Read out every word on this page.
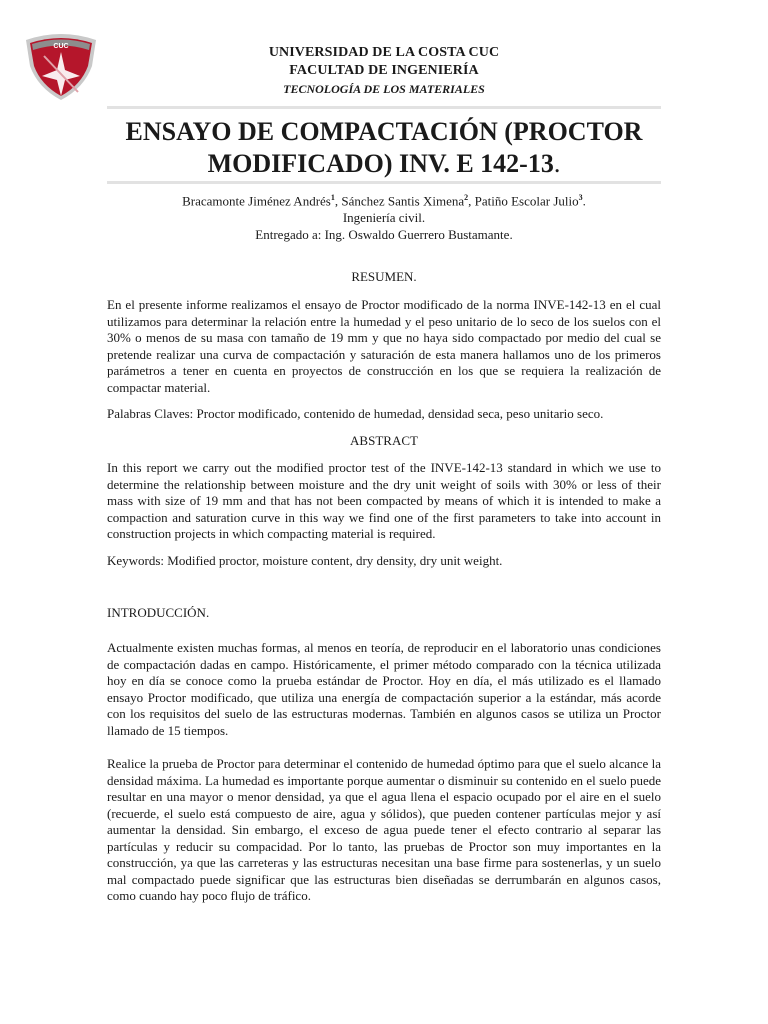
CUC	UNIVERSIDAD DE LA COSTA CUC
FACULTAD DE INGENIERÍA
TECNOLOGÍA DE LOS MATERIALES
ENSAYO DE COMPACTACIÓN (PROCTOR
MODIFICADO) INV. E 142-13.
Bracamonte Jiménez Andrés$^1$, Sánchez Santis Ximena$^2$, Patiño Escolar Julio$^3$.
Ingeniería civil.
Entregado a: Ing. Oswaldo Guerrero Bustamante.
RESUMEN.

En el presente informe realizamos el ensayo de Proctor modificado de la norma INVE-142-13 en el cual utilizamos para determinar la relación entre la humedad y el peso unitario de lo seco de los suelos con el 30% o menos de su masa con tamaño de 19 mm y que no haya sido compactado por medio del cual se pretende realizar una curva de compactación y saturación de esta manera hallamos uno de los primeros parámetros a tener en cuenta en proyectos de construcción en los que se requiera la realización de compactar material.

Palabras Claves: Proctor modificado, contenido de humedad, densidad seca, peso unitario seco.
ABSTRACT

In this report we carry out the modified proctor test of the INVE-142-13 standard in which we use to determine the relationship between moisture and the dry unit weight of soils with 30% or less of their mass with size of 19 mm and that has not been compacted by means of which it is intended to make a compaction and saturation curve in this way we find one of the first parameters to take into account in construction projects in which compacting material is required.

Keywords: Modified proctor, moisture content, dry density, dry unit weight.
INTRODUCCIÓN.

Actualmente existen muchas formas, al menos en teoría, de reproducir en el laboratorio unas condiciones de compactación dadas en campo. Históricamente, el primer método comparado con la técnica utilizada hoy en día se conoce como la prueba estándar de Proctor. Hoy en día, el más utilizado es el llamado ensayo Proctor modificado, que utiliza una energía de compactación superior a la estándar, más acorde con los requisitos del suelo de las estructuras modernas. También en algunos casos se utiliza un Proctor llamado de 15 tiempos.

Realice la prueba de Proctor para determinar el contenido de humedad óptimo para que el suelo alcance la densidad máxima. La humedad es importante porque aumentar o disminuir su contenido en el suelo puede resultar en una mayor o menor densidad, ya que el agua llena el espacio ocupado por el aire en el suelo (recuerde, el suelo está compuesto de aire, agua y sólidos), que pueden contener partículas mejor y así aumentar la densidad. Sin embargo, el exceso de agua puede tener el efecto contrario al separar las partículas y reducir su compacidad. Por lo tanto, las pruebas de Proctor son muy importantes en la construcción, ya que las carreteras y las estructuras necesitan una base firme para sostenerlas, y un suelo mal compactado puede significar que las estructuras bien diseñadas se derrumbarán en algunos casos, como cuando hay poco flujo de tráfico.
